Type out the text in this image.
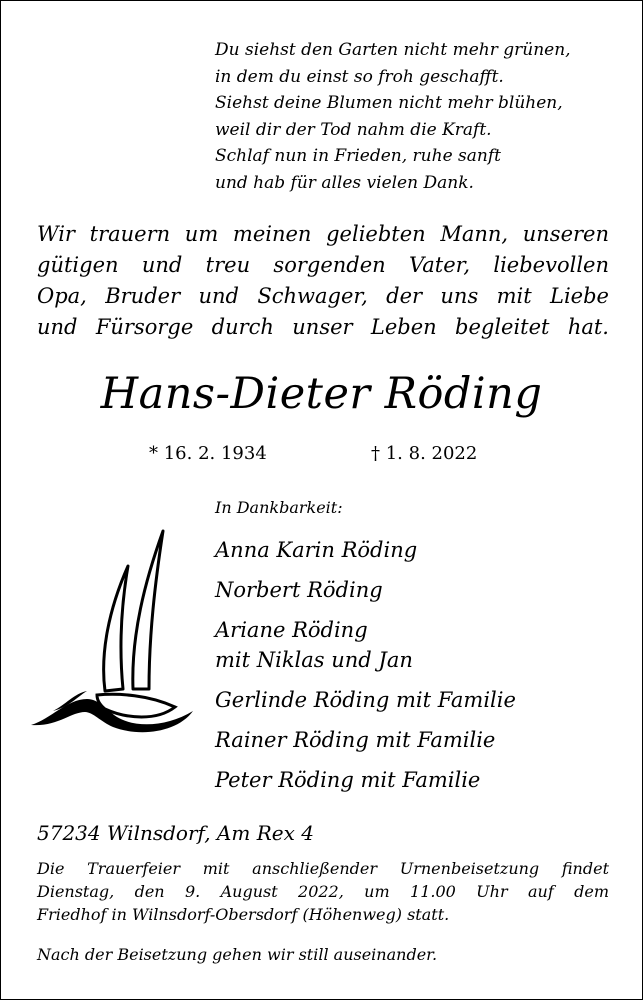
Du siehst den Garten nicht mehr grünen,
in dem du einst so froh geschafft.
Siehst deine Blumen nicht mehr blühen,
weil dir der Tod nahm die Kraft.
Schlaf nun in Frieden, ruhe sanft
und hab für alles vielen Dank.
Wir trauern um meinen geliebten Mann, unseren
gütigen und treu sorgenden Vater, liebevollen
Opa, Bruder und Schwager, der uns mit Liebe
und Fürsorge durch unser Leben begleitet hat.
Hans-Dieter Röding
* 16. 2. 1934	† 1. 8. 2022
In Dankbarkeit:
Anna Karin Röding
Norbert Röding
Ariane Röding
mit Niklas und Jan
Gerlinde Röding mit Familie
Rainer Röding mit Familie
Peter Röding mit Familie
57234 Wilnsdorf, Am Rex 4
Die Trauerfeier mit anschließender Urnenbeisetzung findet
Dienstag, den 9. August 2022, um 11.00 Uhr auf dem
Friedhof in Wilnsdorf-Obersdorf (Höhenweg) statt.
Nach der Beisetzung gehen wir still auseinander.
